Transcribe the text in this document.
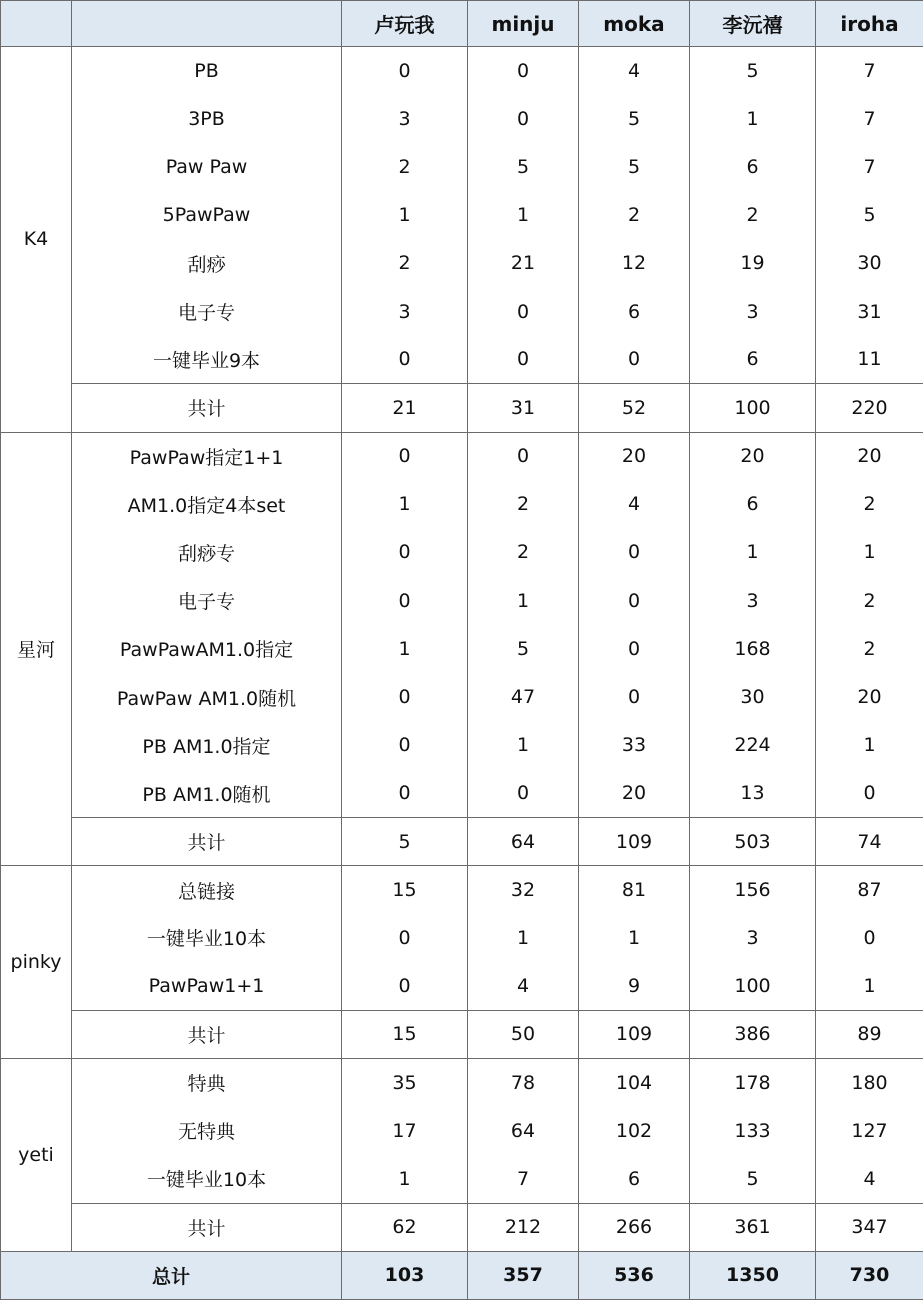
		卢玩我	minju	moka	李沅禧	iroha
K4	PB	0	0	4	5	7
	3PB	3	0	5	1	7
	Paw Paw	2	5	5	6	7
	5PawPaw	1	1	2	2	5
	刮痧	2	21	12	19	30
	电子专	3	0	6	3	31
	一键毕业9本	0	0	0	6	11
	共计	21	31	52	100	220
星河	PawPaw指定1+1	0	0	20	20	20
	AM1.0指定4本set	1	2	4	6	2
	刮痧专	0	2	0	1	1
	电子专	0	1	0	3	2
	PawPawAM1.0指定	1	5	0	168	2
	PawPaw AM1.0随机	0	47	0	30	20
	PB AM1.0指定	0	1	33	224	1
	PB AM1.0随机	0	0	20	13	0
	共计	5	64	109	503	74
pinky	总链接	15	32	81	156	87
	一键毕业10本	0	1	1	3	0
	PawPaw1+1	0	4	9	100	1
	共计	15	50	109	386	89
yeti	特典	35	78	104	178	180
	无特典	17	64	102	133	127
	一键毕业10本	1	7	6	5	4
	共计	62	212	266	361	347
总计		103	357	536	1350	730
